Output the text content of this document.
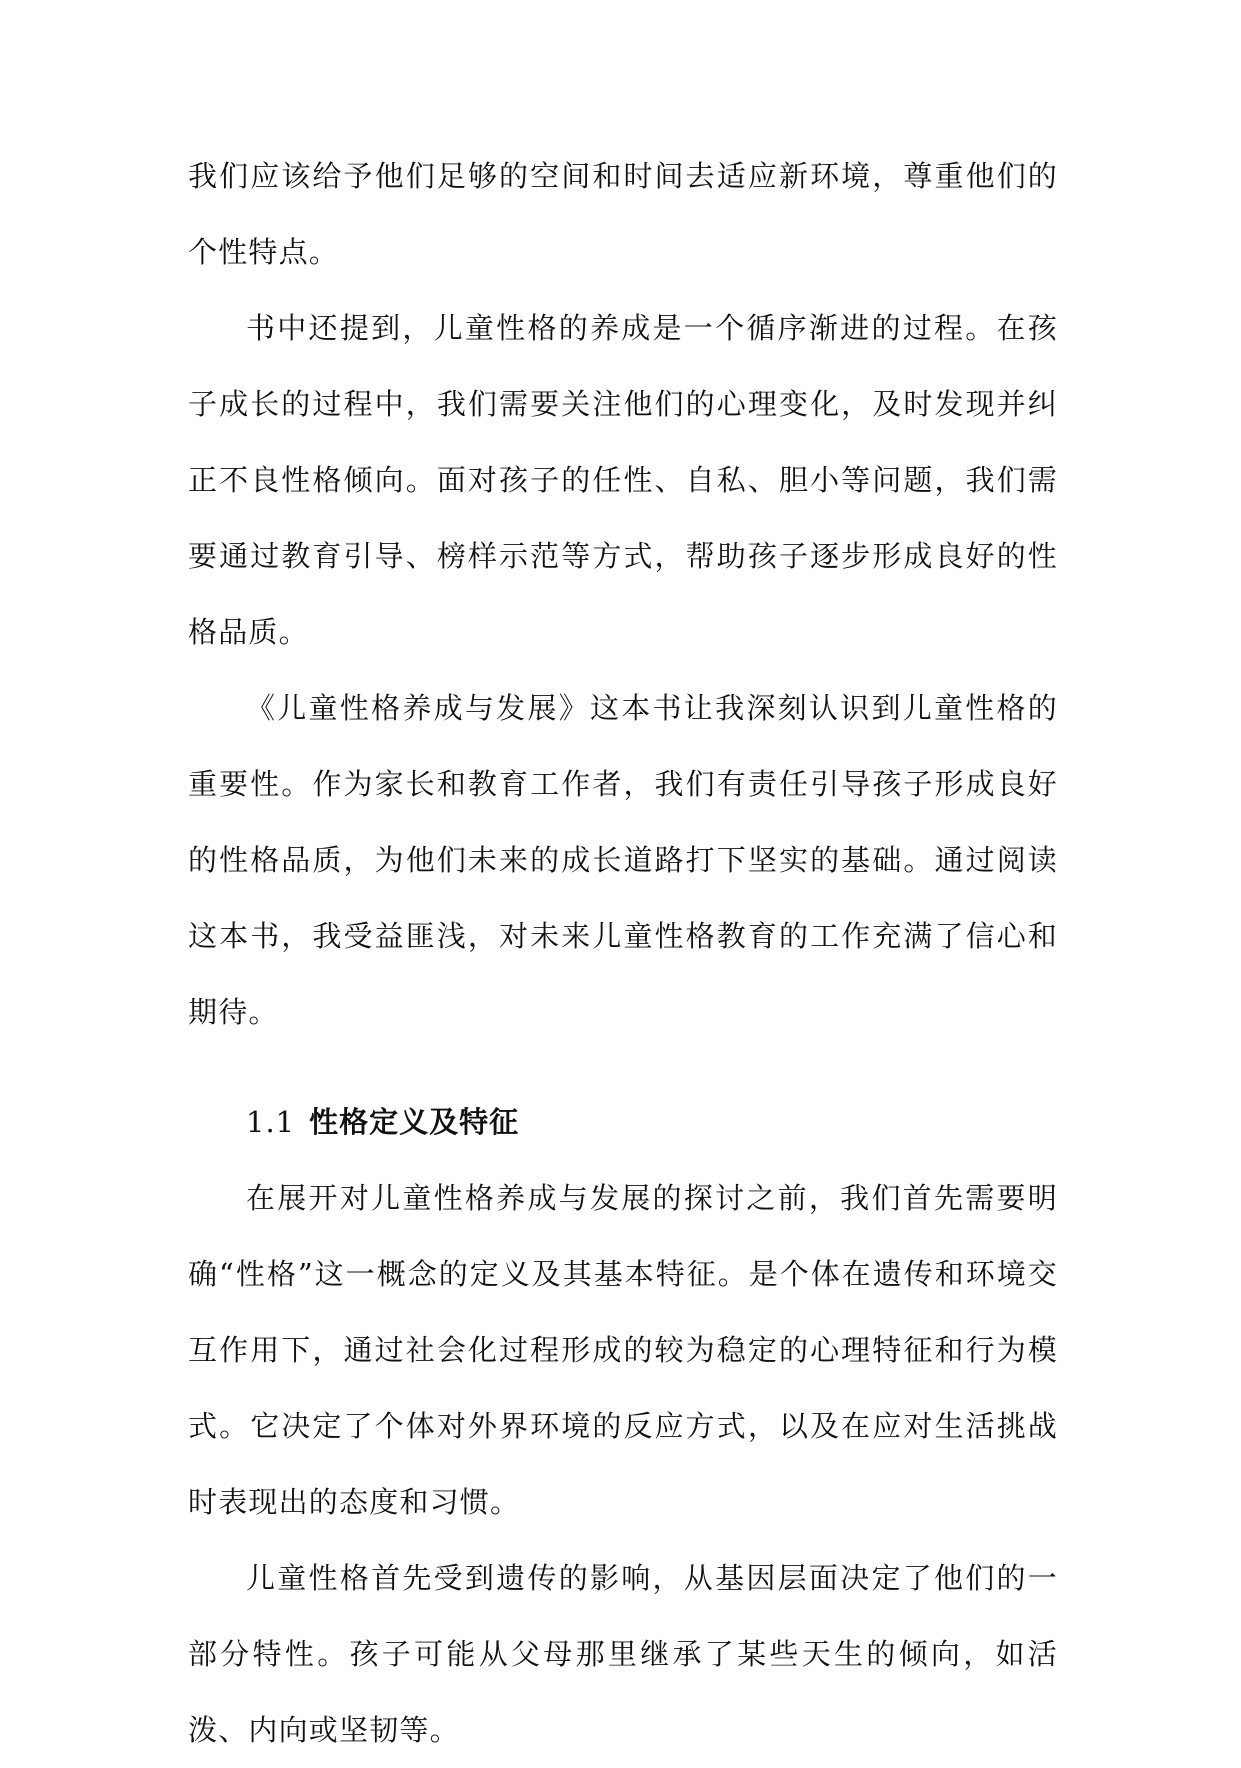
我们应该给予他们足够的空间和时间去适应新环境，尊重他们的个性特点。

书中还提到，儿童性格的养成是一个循序渐进的过程。在孩子成长的过程中，我们需要关注他们的心理变化，及时发现并纠正不良性格倾向。面对孩子的任性、自私、胆小等问题，我们需要通过教育引导、榜样示范等方式，帮助孩子逐步形成良好的性格品质。

《儿童性格养成与发展》这本书让我深刻认识到儿童性格的重要性。作为家长和教育工作者，我们有责任引导孩子形成良好的性格品质，为他们未来的成长道路打下坚实的基础。通过阅读这本书，我受益匪浅，对未来儿童性格教育的工作充满了信心和期待。

1.1 性格定义及特征

在展开对儿童性格养成与发展的探讨之前，我们首先需要明确“性格”这一概念的定义及其基本特征。是个体在遗传和环境交互作用下，通过社会化过程形成的较为稳定的心理特征和行为模式。它决定了个体对外界环境的反应方式，以及在应对生活挑战时表现出的态度和习惯。

儿童性格首先受到遗传的影响，从基因层面决定了他们的一部分特性。孩子可能从父母那里继承了某些天生的倾向，如活泼、内向或坚韧等。
